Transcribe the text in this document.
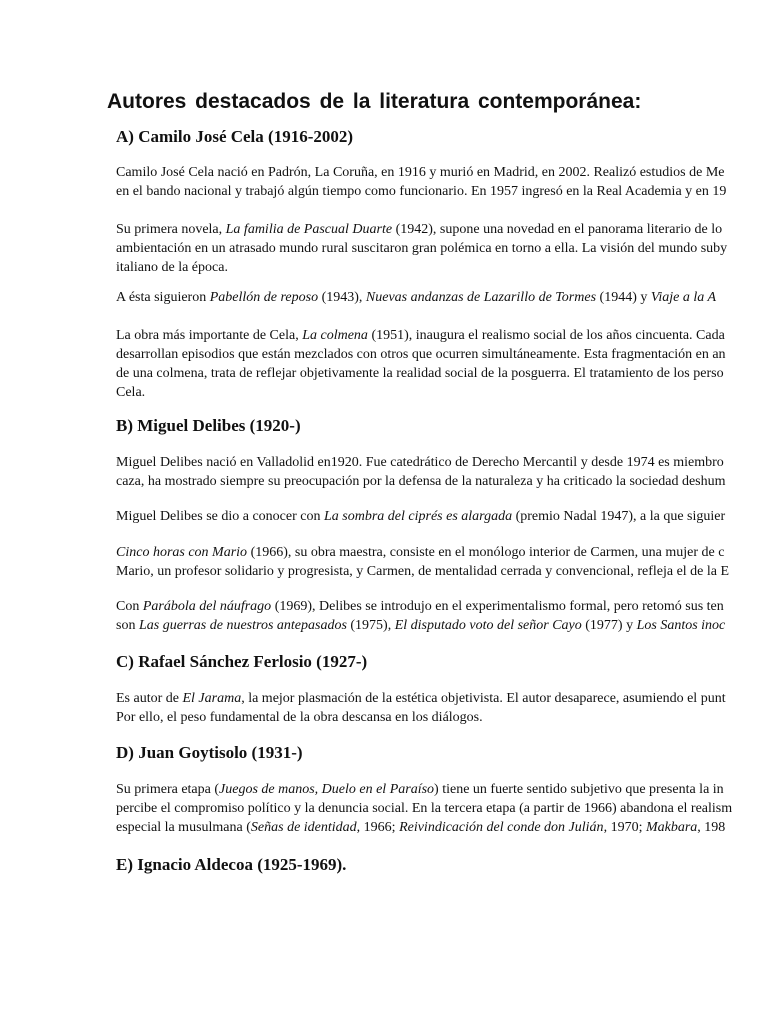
Autores destacados de la literatura contemporánea:
A) Camilo José Cela (1916-2002)

Camilo José Cela nació en Padrón, La Coruña, en 1916 y murió en Madrid, en 2002. Realizó estudios de Me
en el bando nacional y trabajó algún tiempo como funcionario. En 1957 ingresó en la Real Academia y en 19

Su primera novela, La familia de Pascual Duarte (1942), supone una novedad en el panorama literario de lo
ambientación en un atrasado mundo rural suscitaron gran polémica en torno a ella. La visión del mundo suby
italiano de la época.

A ésta siguieron Pabellón de reposo (1943), Nuevas andanzas de Lazarillo de Tormes (1944) y Viaje a la A

La obra más importante de Cela, La colmena (1951), inaugura el realismo social de los años cincuenta. Cada
desarrollan episodios que están mezclados con otros que ocurren simultáneamente. Esta fragmentación en an
de una colmena, trata de reflejar objetivamente la realidad social de la posguerra. El tratamiento de los perso
Cela.

B) Miguel Delibes (1920-)

Miguel Delibes nació en Valladolid en1920. Fue catedrático de Derecho Mercantil y desde 1974 es miembro
caza, ha mostrado siempre su preocupación por la defensa de la naturaleza y ha criticado la sociedad deshum

Miguel Delibes se dio a conocer con La sombra del ciprés es alargada (premio Nadal 1947), a la que siguier

Cinco horas con Mario (1966), su obra maestra, consiste en el monólogo interior de Carmen, una mujer de c
Mario, un profesor solidario y progresista, y Carmen, de mentalidad cerrada y convencional, refleja el de la E

Con Parábola del náufrago (1969), Delibes se introdujo en el experimentalismo formal, pero retomó sus ten
son Las guerras de nuestros antepasados (1975), El disputado voto del señor Cayo (1977) y Los Santos inoc

C) Rafael Sánchez Ferlosio (1927-)

Es autor de El Jarama, la mejor plasmación de la estética objetivista. El autor desaparece, asumiendo el punt
Por ello, el peso fundamental de la obra descansa en los diálogos.

D) Juan Goytisolo (1931-)

Su primera etapa (Juegos de manos, Duelo en el Paraíso) tiene un fuerte sentido subjetivo que presenta la in
percibe el compromiso político y la denuncia social. En la tercera etapa (a partir de 1966) abandona el realism
especial la musulmana (Señas de identidad, 1966; Reivindicación del conde don Julián, 1970; Makbara, 198

E) Ignacio Aldecoa (1925-1969).
